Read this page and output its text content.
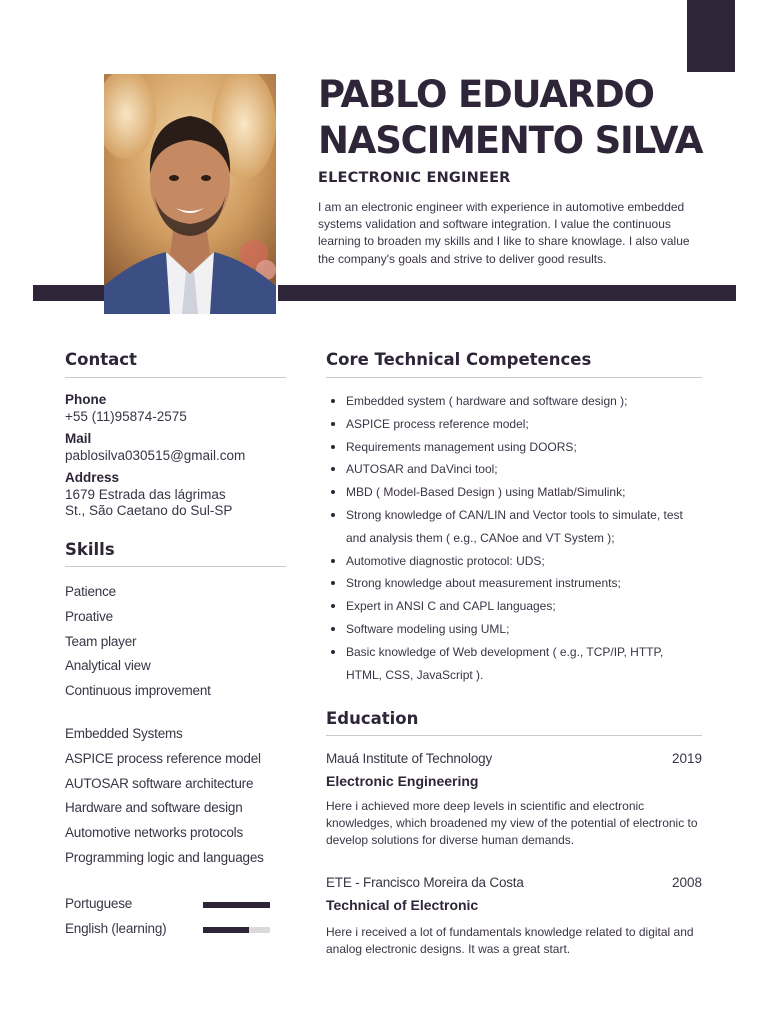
PABLO EDUARDO NASCIMENTO SILVA
ELECTRONIC ENGINEER
I am an electronic engineer with experience in automotive embedded systems validation and software integration. I value the continuous learning to broaden my skills and I like to share knowlage. I also value the company's goals and strive to deliver good results.
Contact
Phone
+55 (11)95874-2575
Mail
pablosilva030515@gmail.com
Address
1679 Estrada das lágrimas
St., São Caetano do Sul-SP
Skills
Patience
Proative
Team player
Analytical view
Continuous improvement
Embedded Systems
ASPICE process reference model
AUTOSAR software architecture
Hardware and software design
Automotive networks protocols
Programming logic and languages
Portuguese
English (learning)
Core Technical Competences
Embedded system ( hardware and software design );
ASPICE process reference model;
Requirements management using DOORS;
AUTOSAR and DaVinci tool;
MBD ( Model-Based Design ) using Matlab/Simulink;
Strong knowledge of CAN/LIN and Vector tools to simulate, test and analysis them ( e.g., CANoe and VT System );
Automotive diagnostic protocol: UDS;
Strong knowledge about measurement instruments;
Expert in ANSI C and CAPL languages;
Software modeling using UML;
Basic knowledge of Web development ( e.g., TCP/IP, HTTP, HTML, CSS, JavaScript ).
Education
Mauá Institute of Technology	2019
Electronic Engineering
Here i achieved more deep levels in scientific and electronic knowledges, which broadened my view of the potential of electronic to develop solutions for diverse human demands.
ETE - Francisco Moreira da Costa	2008
Technical of Electronic
Here i received a lot of fundamentals knowledge related to digital and analog electronic designs. It was a great start.
